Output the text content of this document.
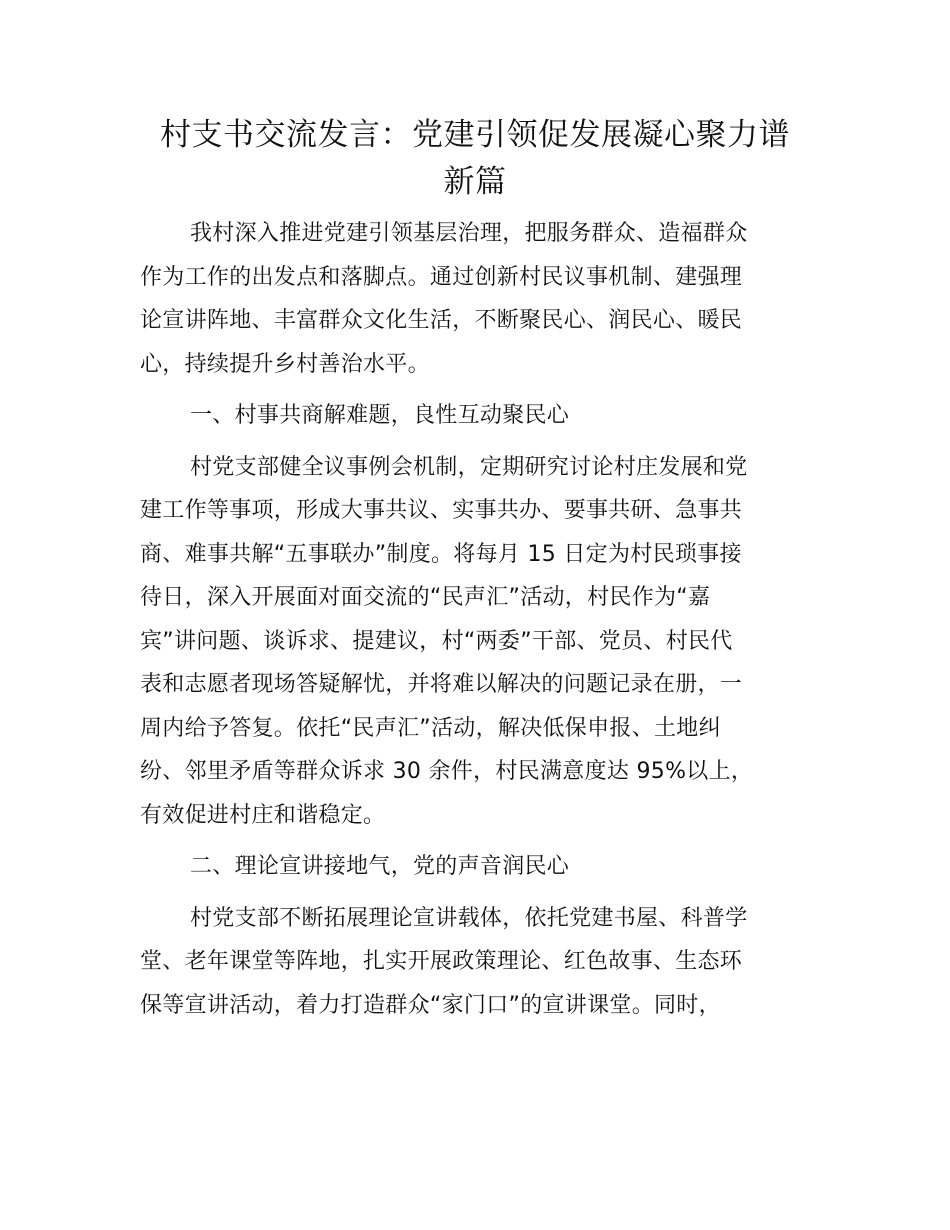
村支书交流发言：党建引领促发展凝心聚力谱
新篇

我村深入推进党建引领基层治理，把服务群众、造福群众
作为工作的出发点和落脚点。通过创新村民议事机制、建强理
论宣讲阵地、丰富群众文化生活，不断聚民心、润民心、暖民
心，持续提升乡村善治水平。

一、村事共商解难题，良性互动聚民心

村党支部健全议事例会机制，定期研究讨论村庄发展和党
建工作等事项，形成大事共议、实事共办、要事共研、急事共
商、难事共解“五事联办”制度。将每月 15 日定为村民琐事接
待日，深入开展面对面交流的“民声汇”活动，村民作为“嘉
宾”讲问题、谈诉求、提建议，村“两委”干部、党员、村民代
表和志愿者现场答疑解忧，并将难以解决的问题记录在册，一
周内给予答复。依托“民声汇”活动，解决低保申报、土地纠
纷、邻里矛盾等群众诉求 30 余件，村民满意度达 95%以上，
有效促进村庄和谐稳定。

二、理论宣讲接地气，党的声音润民心

村党支部不断拓展理论宣讲载体，依托党建书屋、科普学
堂、老年课堂等阵地，扎实开展政策理论、红色故事、生态环
保等宣讲活动，着力打造群众“家门口”的宣讲课堂。同时，
